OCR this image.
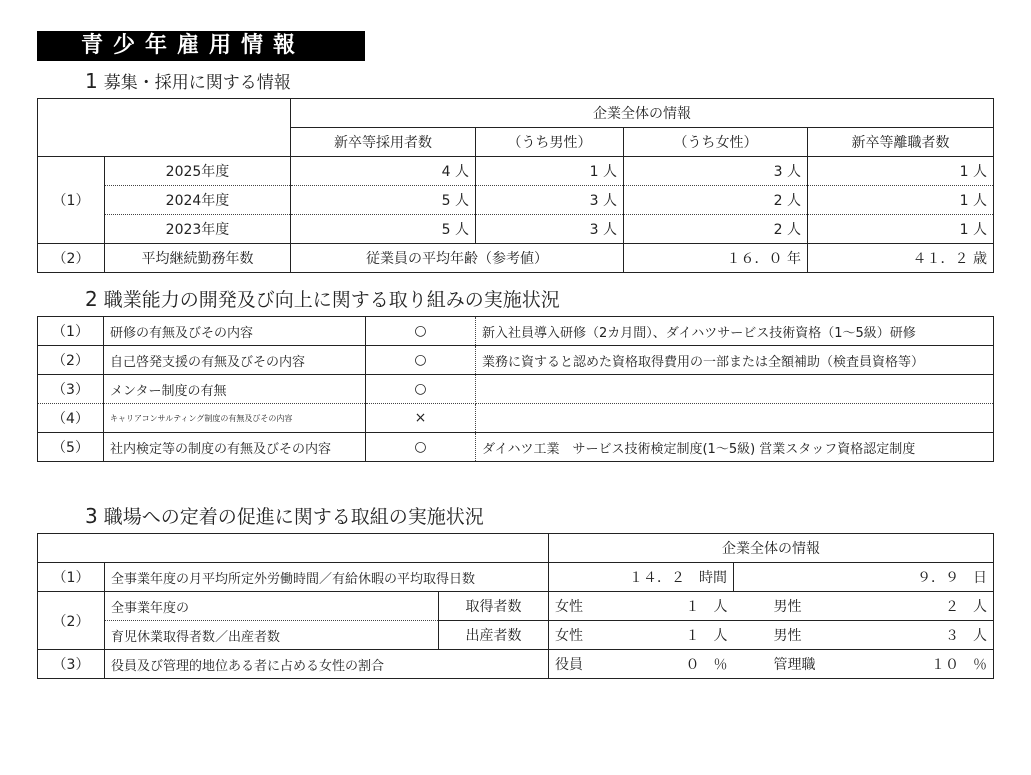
青少年雇用情報
1 募集・採用に関する情報
		企業全体の情報			
		新卒等採用者数	（うち男性）	（うち女性）	新卒等離職者数
（1）	2025年度	4 人	1 人	3 人	1 人
	2024年度	5 人	3 人	2 人	1 人
	2023年度	5 人	3 人	2 人	1 人
（2）	平均継続勤務年数	従業員の平均年齢（参考値）		１６．０ 年	４１．２ 歳
2 職業能力の開発及び向上に関する取り組みの実施状況
（1）	研修の有無及びその内容	○	新入社員導入研修（2カ月間）、ダイハツサービス技術資格（1～5級）研修
（2）	自己啓発支援の有無及びその内容	○	業務に資すると認めた資格取得費用の一部または全額補助（検査員資格等）
（3）	メンター制度の有無	○	
（4）	キャリアコンサルティング制度の有無及びその内容	×	
（5）	社内検定等の制度の有無及びその内容	○	ダイハツ工業　サービス技術検定制度(1～5級) 営業スタッフ資格認定制度
3 職場への定着の促進に関する取組の実施状況
			企業全体の情報			
（1）	全事業年度の月平均所定外労働時間／有給休暇の平均取得日数		１４．２　時間		９．９　日	
（2）	全事業年度の	取得者数	女性	１　人	男性	２　人
	育児休業取得者数／出産者数	出産者数	女性	１　人	男性	３　人
（3）	役員及び管理的地位ある者に占める女性の割合		役員	０　％	管理職	１０　％
